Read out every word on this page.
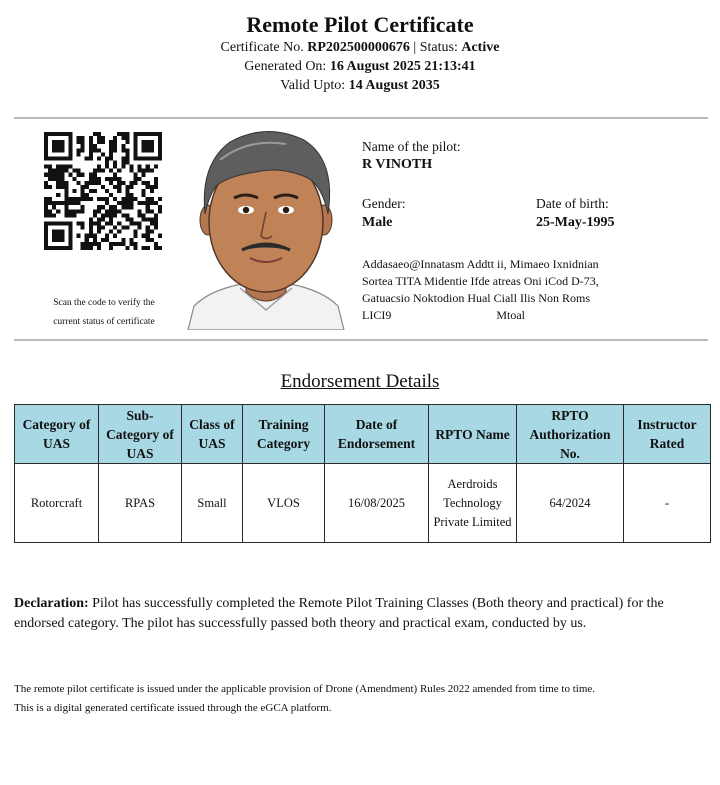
Remote Pilot Certificate
Certificate No. RP202500000676 | Status: Active
Generated On: 16 August 2025 21:13:41
Valid Upto: 14 August 2035
Scan the code to verify the
current status of certificate
Name of the pilot:
R VINOTH
Gender:
Male
Date of birth:
25-May-1995
Addasaeo@Innatasm Addtt ii, Mimaeo Ixnidnian
Sortea TITA Midentie Ifde atreas Oni iCod D-73,
Gatuacsio Noktodion Hual Ciall Ilis Non Roms
LICI9                                   Mtoal
Endorsement Details
Category of UAS	Sub-Category of UAS	Class of UAS	Training Category	Date of Endorsement	RPTO Name	RPTO Authorization No.	Instructor Rated
Rotorcraft	RPAS	Small	VLOS	16/08/2025	Aerdroids Technology Private Limited	64/2024	-
Declaration: Pilot has successfully completed the Remote Pilot Training Classes (Both theory and practical) for the endorsed category. The pilot has successfully passed both theory and practical exam, conducted by us.
The remote pilot certificate is issued under the applicable provision of Drone (Amendment) Rules 2022 amended from time to time.
This is a digital generated certificate issued through the eGCA platform.
